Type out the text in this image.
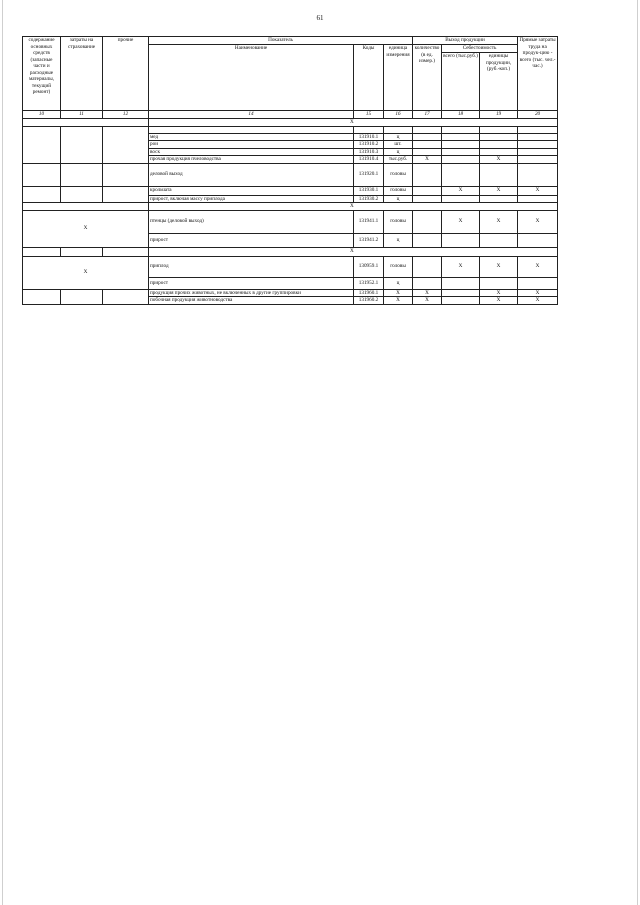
61
содержание основных средств (запасные части и расходные материалы, текущий ремонт)	затраты на страхование	прочие	Показатель			Выход продукции			Прямые затраты труда на продук-цию - всего (тыс. чел.-час.)
			Наименование	Коды	единица измерения	количество (в ед. измер.)	Себестоимость		
							всего (тыс.руб.)	единицы продукции, (руб.-коп.)	
10	11	12	14	15	16	17	18	19	20
			X						

			мед	131910.1	ц				
			рои	131910.2	шт.				
			воск	131910.3	ц				
			прочая продукция пчеловодства	131910.4	тыс.руб.	X		X	
			деловой выход	131920.1	головы				
			крольчата	131930.1	головы		X	X	X
			прирост, включая массу приплода	131930.2	ц				
			X						
X			птенцы (деловой выход)	131941.1	головы		X	X	X
			прирост	131941.2	ц				
			X						
X			приплод	130959.1	головы		X	X	X
			прирост	131952.1	ц				
			продукция прочих животных, не включенных в другие группировки	131960.1	X	X		X	X
			побочная продукция животноводства	131960.2	X	X		X	X
